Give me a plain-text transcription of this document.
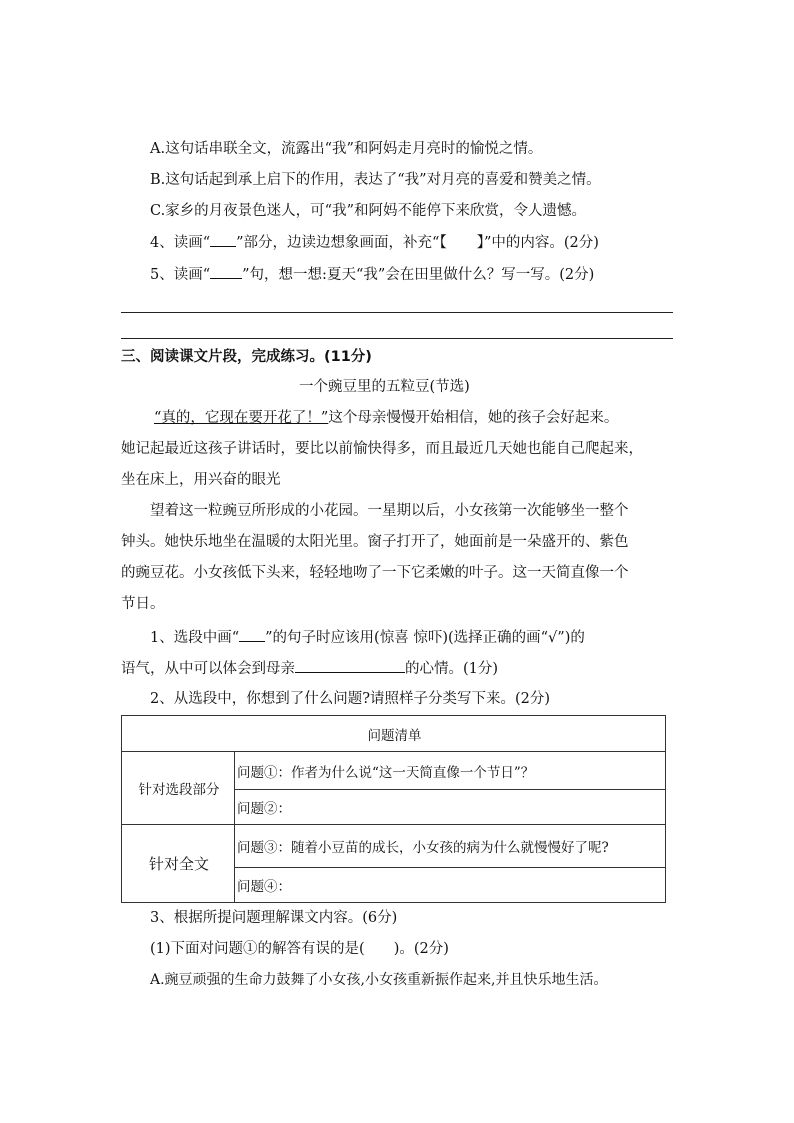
A.这句话串联全文，流露出“我”和阿妈走月亮时的愉悦之情。
B.这句话起到承上启下的作用，表达了“我”对月亮的喜爱和赞美之情。
C.家乡的月夜景色迷人，可“我”和阿妈不能停下来欣赏，令人遗憾。
4、读画“ ”部分，边读边想象画面，补充“【 】”中的内容。(2分)
5、读画“ ”句，想一想:夏天“我”会在田里做什么？写一写。(2分)
三、阅读课文片段，完成练习。(11分)
一个豌豆里的五粒豆(节选)
“真的，它现在要开花了！”这个母亲慢慢开始相信，她的孩子会好起来。
她记起最近这孩子讲话时，要比以前愉快得多，而且最近几天她也能自己爬起来，
坐在床上，用兴奋的眼光
望着这一粒豌豆所形成的小花园。一星期以后，小女孩第一次能够坐一整个
钟头。她快乐地坐在温暖的太阳光里。窗子打开了，她面前是一朵盛开的、紫色
的豌豆花。小女孩低下头来，轻轻地吻了一下它柔嫩的叶子。这一天简直像一个
节日。
1、选段中画“ ”的句子时应该用(惊喜 惊吓)(选择正确的画“√”)的
语气，从中可以体会到母亲	的心情。(1分)
2、从选段中，你想到了什么问题?请照样子分类写下来。(2分)
问题清单	
针对选段部分	问题①：作者为什么说“这一天简直像一个节日”？
	问题②：
针对全文	问题③：随着小豆苗的成长，小女孩的病为什么就慢慢好了呢?
	问题④：
3、根据所提问题理解课文内容。(6分)
(1)下面对问题①的解答有误的是(　　)。(2分)
A.豌豆顽强的生命力鼓舞了小女孩,小女孩重新振作起来,并且快乐地生活。
